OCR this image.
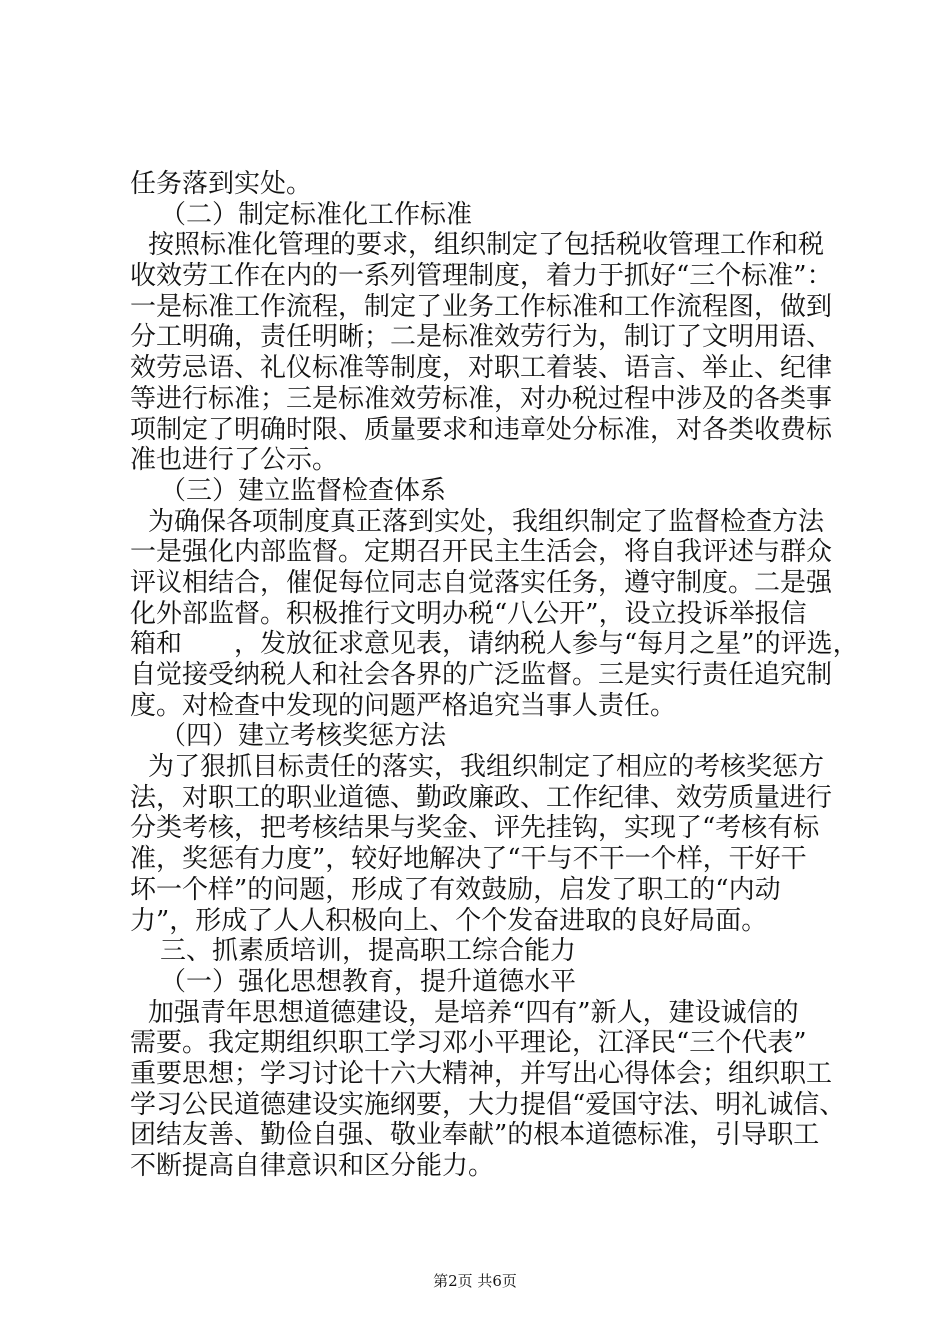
任务落到实处。
（二）制定标准化工作标准
按照标准化管理的要求，组织制定了包括税收管理工作和税
收效劳工作在内的一系列管理制度，着力于抓好“三个标准”：
一是标准工作流程，制定了业务工作标准和工作流程图，做到
分工明确，责任明晰；二是标准效劳行为，制订了文明用语、
效劳忌语、礼仪标准等制度，对职工着装、语言、举止、纪律
等进行标准；三是标准效劳标准，对办税过程中涉及的各类事
项制定了明确时限、质量要求和违章处分标准，对各类收费标
准也进行了公示。
（三）建立监督检查体系
为确保各项制度真正落到实处，我组织制定了监督检查方法
一是强化内部监督。定期召开民主生活会，将自我评述与群众
评议相结合，催促每位同志自觉落实任务，遵守制度。二是强
化外部监督。积极推行文明办税“八公开”，设立投诉举报信
箱和　　，发放征求意见表，请纳税人参与“每月之星”的评选，
自觉接受纳税人和社会各界的广泛监督。三是实行责任追究制
度。对检查中发现的问题严格追究当事人责任。
（四）建立考核奖惩方法
为了狠抓目标责任的落实，我组织制定了相应的考核奖惩方
法，对职工的职业道德、勤政廉政、工作纪律、效劳质量进行
分类考核，把考核结果与奖金、评先挂钩，实现了“考核有标
准，奖惩有力度”，较好地解决了“干与不干一个样，干好干
坏一个样”的问题，形成了有效鼓励，启发了职工的“内动
力”，形成了人人积极向上、个个发奋进取的良好局面。
三、抓素质培训，提高职工综合能力
（一）强化思想教育，提升道德水平
加强青年思想道德建设，是培养“四有”新人，建设诚信的
需要。我定期组织职工学习邓小平理论，江泽民“三个代表”
重要思想；学习讨论十六大精神，并写出心得体会；组织职工
学习公民道德建设实施纲要，大力提倡“爱国守法、明礼诚信、
团结友善、勤俭自强、敬业奉献”的根本道德标准，引导职工
不断提高自律意识和区分能力。
第2页 共6页
